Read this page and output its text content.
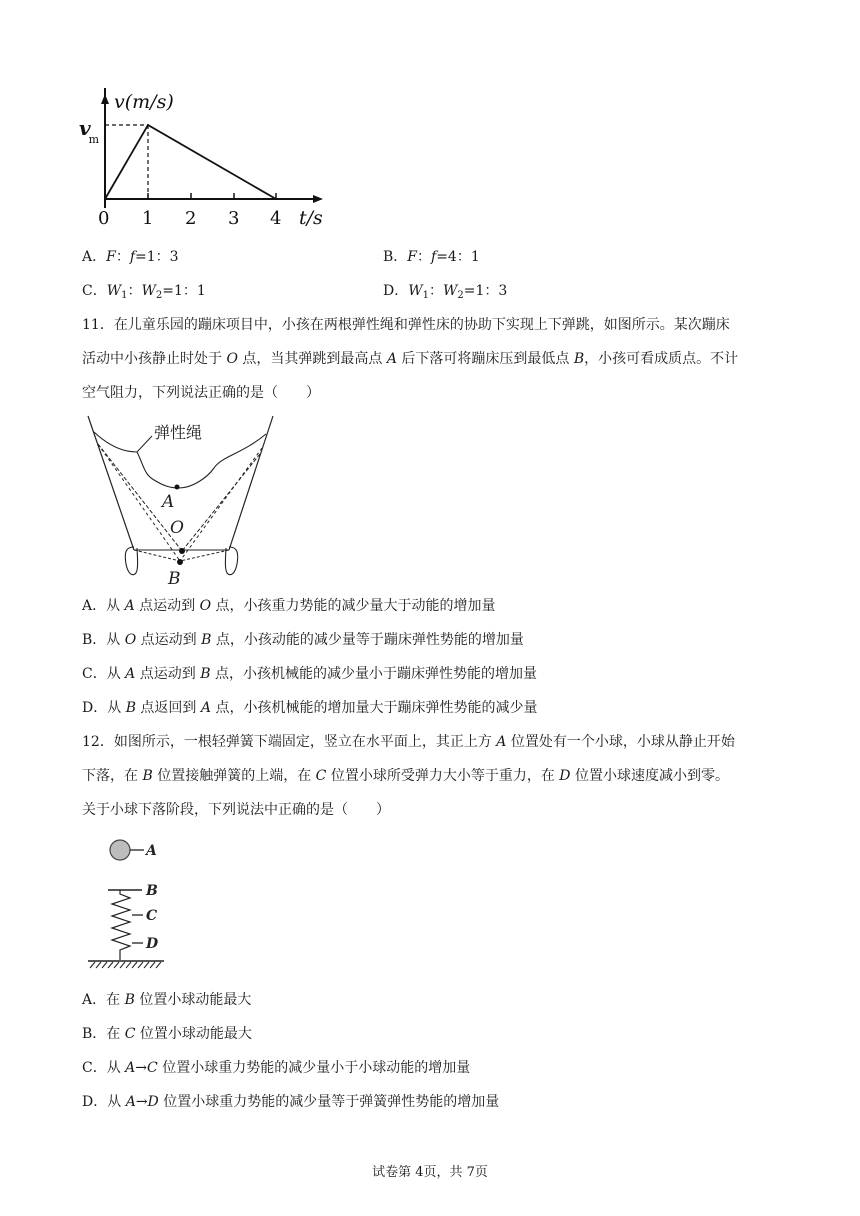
v(m/s)
vm
0 1 2 3 4 t/s
A．F：f=1：3	B．F：f=4：1
C．$W_1$：$W_2=1$：1	D．$W_1$：$W_2=1$：3
11．在儿童乐园的蹦床项目中，小孩在两根弹性绳和弹性床的协助下实现上下弹跳，如图所示。某次蹦床
活动中小孩静止时处于 O 点，当其弹跳到最高点 A 后下落可将蹦床压到最低点 B，小孩可看成质点。不计
空气阻力，下列说法正确的是（　　）
弹性绳
A
O
B
A．从 A 点运动到 O 点，小孩重力势能的减少量大于动能的增加量
B．从 O 点运动到 B 点，小孩动能的减少量等于蹦床弹性势能的增加量
C．从 A 点运动到 B 点，小孩机械能的减少量小于蹦床弹性势能的增加量
D．从 B 点返回到 A 点，小孩机械能的增加量大于蹦床弹性势能的减少量
12．如图所示，一根轻弹簧下端固定，竖立在水平面上，其正上方 A 位置处有一个小球，小球从静止开始
下落，在 B 位置接触弹簧的上端，在 C 位置小球所受弹力大小等于重力，在 D 位置小球速度减小到零。
关于小球下落阶段，下列说法中正确的是（　　）
A
B
C
D
A．在 B 位置小球动能最大
B．在 C 位置小球动能最大
C．从 A→C 位置小球重力势能的减少量小于小球动能的增加量
D．从 A→D 位置小球重力势能的减少量等于弹簧弹性势能的增加量
试卷第 4页，共 7页
